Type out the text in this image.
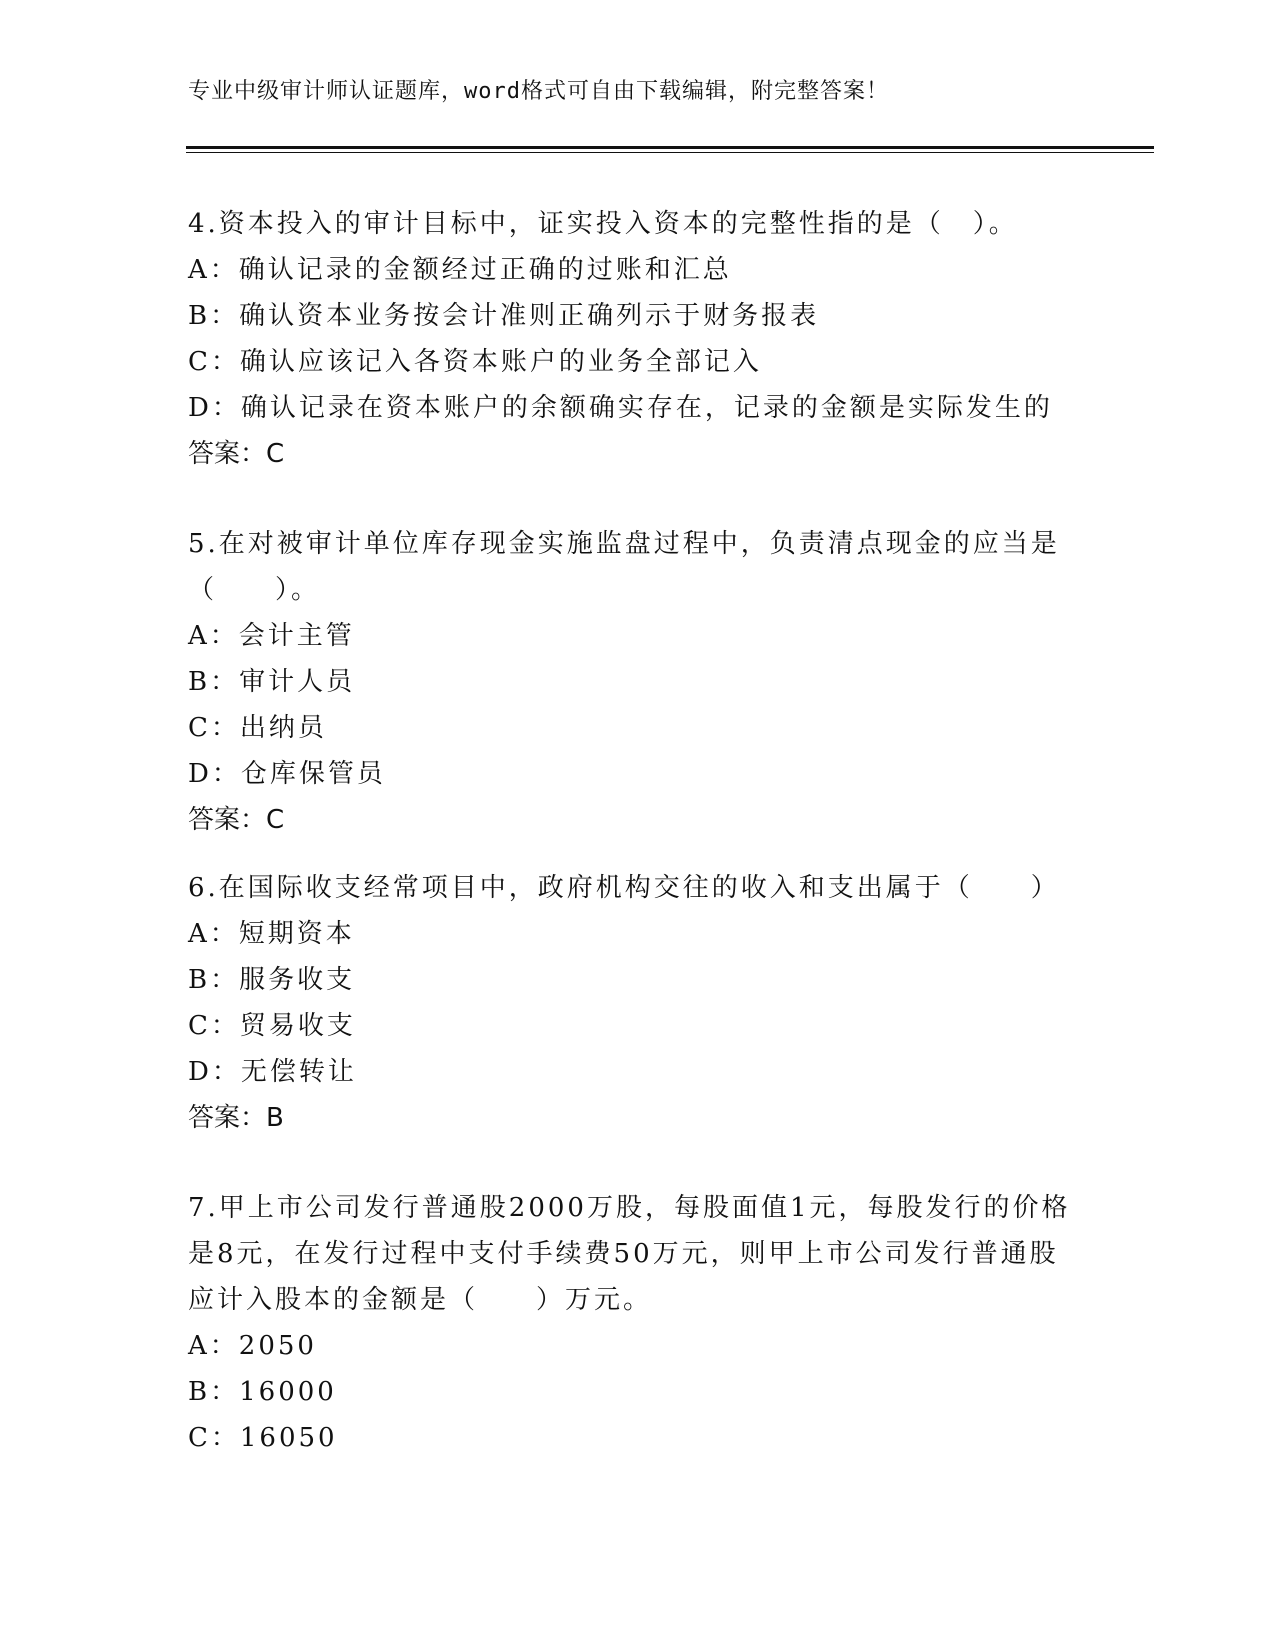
专业中级审计师认证题库，word格式可自由下载编辑，附完整答案！
4.资本投入的审计目标中，证实投入资本的完整性指的是（　）。
A：确认记录的金额经过正确的过账和汇总
B：确认资本业务按会计准则正确列示于财务报表
C：确认应该记入各资本账户的业务全部记入
D：确认记录在资本账户的余额确实存在，记录的金额是实际发生的
答案：C
5.在对被审计单位库存现金实施监盘过程中，负责清点现金的应当是
（　　）。
A：会计主管
B：审计人员
C：出纳员
D：仓库保管员
答案：C
6.在国际收支经常项目中，政府机构交往的收入和支出属于（　　）
A：短期资本
B：服务收支
C：贸易收支
D：无偿转让
答案：B
7.甲上市公司发行普通股2000万股，每股面值1元，每股发行的价格
是8元，在发行过程中支付手续费50万元，则甲上市公司发行普通股
应计入股本的金额是（　　）万元。
A：2050
B：16000
C：16050
